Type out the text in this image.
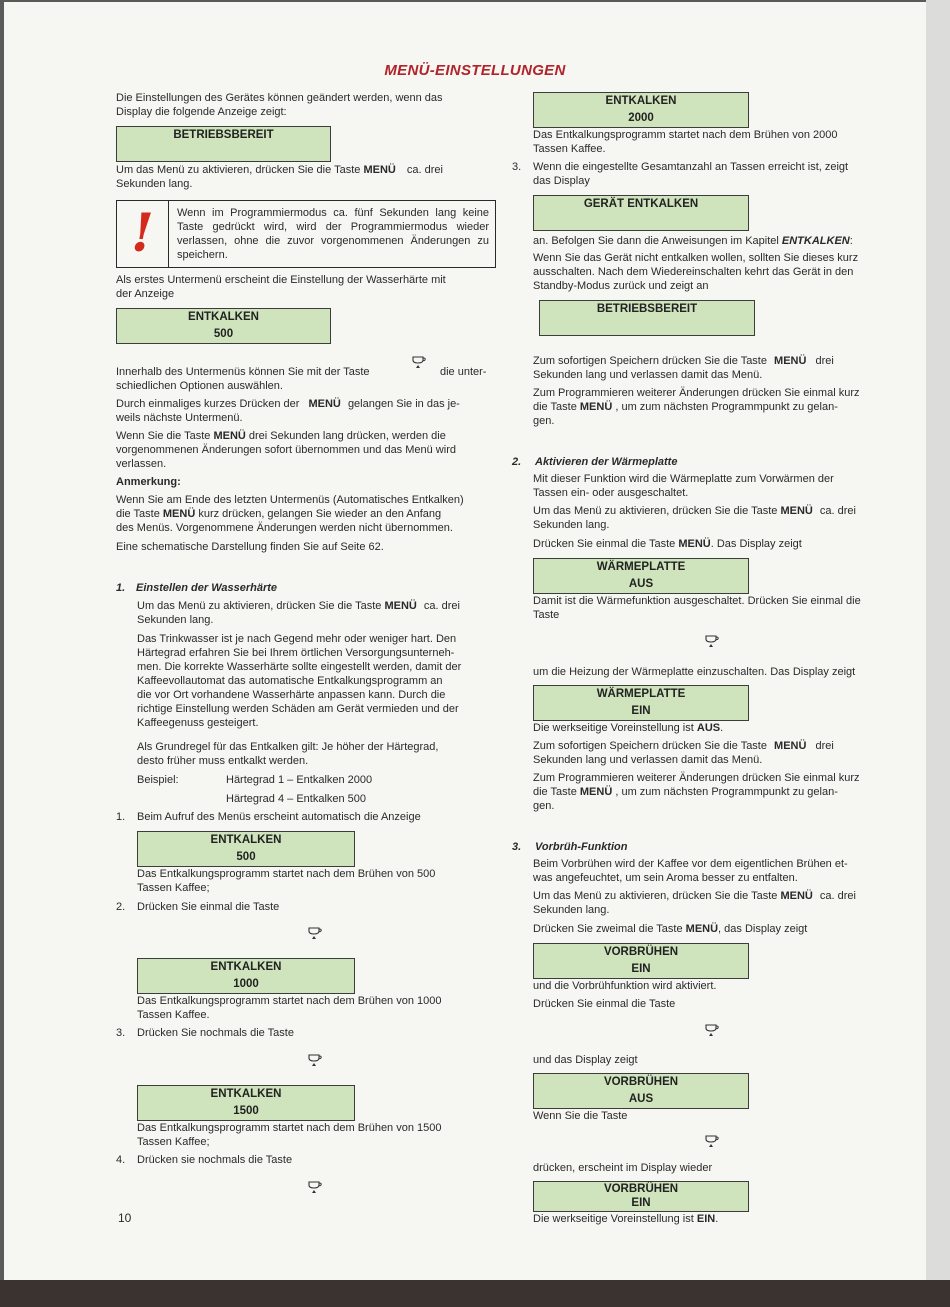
MENÜ-EINSTELLUNGEN
Die Einstellungen des Gerätes können geändert werden, wenn das
Display die folgende Anzeige zeigt:
BETRIEBSBEREIT
Um das Menü zu aktivieren, drücken Sie die Taste MENÜ ca. drei
Sekunden lang.
! Wenn im Programmiermodus ca. fünf Sekunden lang keine Taste gedrückt wird, wird der Programmiermodus wieder verlassen, ohne die zuvor vorgenommenen Änderungen zu speichern.
Als erstes Untermenü erscheint die Einstellung der Wasserhärte mit
der Anzeige
ENTKALKEN
500
Innerhalb des Untermenüs können Sie mit der Taste	die unter-
schiedlichen Optionen auswählen.
Durch einmaliges kurzes Drücken der MENÜ gelangen Sie in das je-
weils nächste Untermenü.
Wenn Sie die Taste MENÜ drei Sekunden lang drücken, werden die
vorgenommenen Änderungen sofort übernommen und das Menü wird
verlassen.
Anmerkung:
Wenn Sie am Ende des letzten Untermenüs (Automatisches Entkalken)
die Taste MENÜ kurz drücken, gelangen Sie wieder an den Anfang
des Menüs. Vorgenommene Änderungen werden nicht übernommen.
Eine schematische Darstellung finden Sie auf Seite 62.
1. Einstellen der Wasserhärte
Um das Menü zu aktivieren, drücken Sie die Taste MENÜ ca. drei
Sekunden lang.
Das Trinkwasser ist je nach Gegend mehr oder weniger hart. Den
Härtegrad erfahren Sie bei Ihrem örtlichen Versorgungsunterneh-
men. Die korrekte Wasserhärte sollte eingestellt werden, damit der
Kaffeevollautomat das automatische Entkalkungsprogramm an
die vor Ort vorhandene Wasserhärte anpassen kann. Durch die
richtige Einstellung werden Schäden am Gerät vermieden und der
Kaffeegenuss gesteigert.
Als Grundregel für das Entkalken gilt: Je höher der Härtegrad,
desto früher muss entkalkt werden.
Beispiel:	Härtegrad 1 – Entkalken 2000
Härtegrad 4 – Entkalken 500
1. Beim Aufruf des Menüs erscheint automatisch die Anzeige
ENTKALKEN
500
Das Entkalkungsprogramm startet nach dem Brühen von 500
Tassen Kaffee;
2. Drücken Sie einmal die Taste
ENTKALKEN
1000
Das Entkalkungsprogramm startet nach dem Brühen von 1000
Tassen Kaffee.
3. Drücken Sie nochmals die Taste
ENTKALKEN
1500
Das Entkalkungsprogramm startet nach dem Brühen von 1500
Tassen Kaffee;
4. Drücken sie nochmals die Taste
10
ENTKALKEN
2000
Das Entkalkungsprogramm startet nach dem Brühen von 2000
Tassen Kaffee.
3. Wenn die eingestellte Gesamtanzahl an Tassen erreicht ist, zeigt
das Display
GERÄT ENTKALKEN
an. Befolgen Sie dann die Anweisungen im Kapitel ENTKALKEN:
Wenn Sie das Gerät nicht entkalken wollen, sollten Sie dieses kurz
ausschalten. Nach dem Wiedereinschalten kehrt das Gerät in den
Standby-Modus zurück und zeigt an
BETRIEBSBEREIT
Zum sofortigen Speichern drücken Sie die Taste MENÜ drei
Sekunden lang und verlassen damit das Menü.
Zum Programmieren weiterer Änderungen drücken Sie einmal kurz
die Taste MENÜ , um zum nächsten Programmpunkt zu gelan-
gen.
2. Aktivieren der Wärmeplatte
Mit dieser Funktion wird die Wärmeplatte zum Vorwärmen der
Tassen ein- oder ausgeschaltet.
Um das Menü zu aktivieren, drücken Sie die Taste MENÜ ca. drei
Sekunden lang.
Drücken Sie einmal die Taste MENÜ. Das Display zeigt
WÄRMEPLATTE
AUS
Damit ist die Wärmefunktion ausgeschaltet. Drücken Sie einmal die
Taste
um die Heizung der Wärmeplatte einzuschalten. Das Display zeigt
WÄRMEPLATTE
EIN
Die werkseitige Voreinstellung ist AUS.
Zum sofortigen Speichern drücken Sie die Taste MENÜ drei
Sekunden lang und verlassen damit das Menü.
Zum Programmieren weiterer Änderungen drücken Sie einmal kurz
die Taste MENÜ , um zum nächsten Programmpunkt zu gelan-
gen.
3. Vorbrüh-Funktion
Beim Vorbrühen wird der Kaffee vor dem eigentlichen Brühen et-
was angefeuchtet, um sein Aroma besser zu entfalten.
Um das Menü zu aktivieren, drücken Sie die Taste MENÜ ca. drei
Sekunden lang.
Drücken Sie zweimal die Taste MENÜ, das Display zeigt
VORBRÜHEN
EIN
und die Vorbrühfunktion wird aktiviert.
Drücken Sie einmal die Taste
und das Display zeigt
VORBRÜHEN
AUS
Wenn Sie die Taste
drücken, erscheint im Display wieder
VORBRÜHEN
EIN
Die werkseitige Voreinstellung ist EIN.
